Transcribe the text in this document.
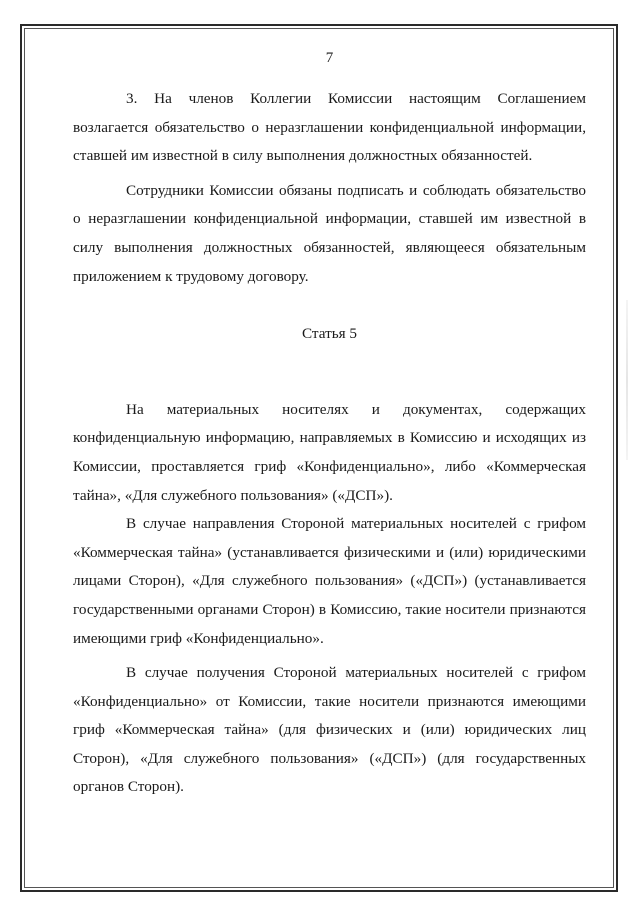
7

3. На членов Коллегии Комиссии настоящим Соглашением возлагается обязательство о неразглашении конфиденциальной информации, ставшей им известной в силу выполнения должностных обязанностей.

Сотрудники Комиссии обязаны подписать и соблюдать обязательство о неразглашении конфиденциальной информации, ставшей им известной в силу выполнения должностных обязанностей, являющееся обязательным приложением к трудовому договору.

Статья 5

На материальных носителях и документах, содержащих конфиденциальную информацию, направляемых в Комиссию и исходящих из Комиссии, проставляется гриф «Конфиденциально», либо «Коммерческая тайна», «Для служебного пользования» («ДСП»).

В случае направления Стороной материальных носителей с грифом «Коммерческая тайна» (устанавливается физическими и (или) юридическими лицами Сторон), «Для служебного пользования» («ДСП») (устанавливается государственными органами Сторон) в Комиссию, такие носители признаются имеющими гриф «Конфиденциально».

В случае получения Стороной материальных носителей с грифом «Конфиденциально» от Комиссии, такие носители признаются имеющими гриф «Коммерческая тайна» (для физических и (или) юридических лиц Сторон), «Для служебного пользования» («ДСП») (для государственных органов Сторон).
